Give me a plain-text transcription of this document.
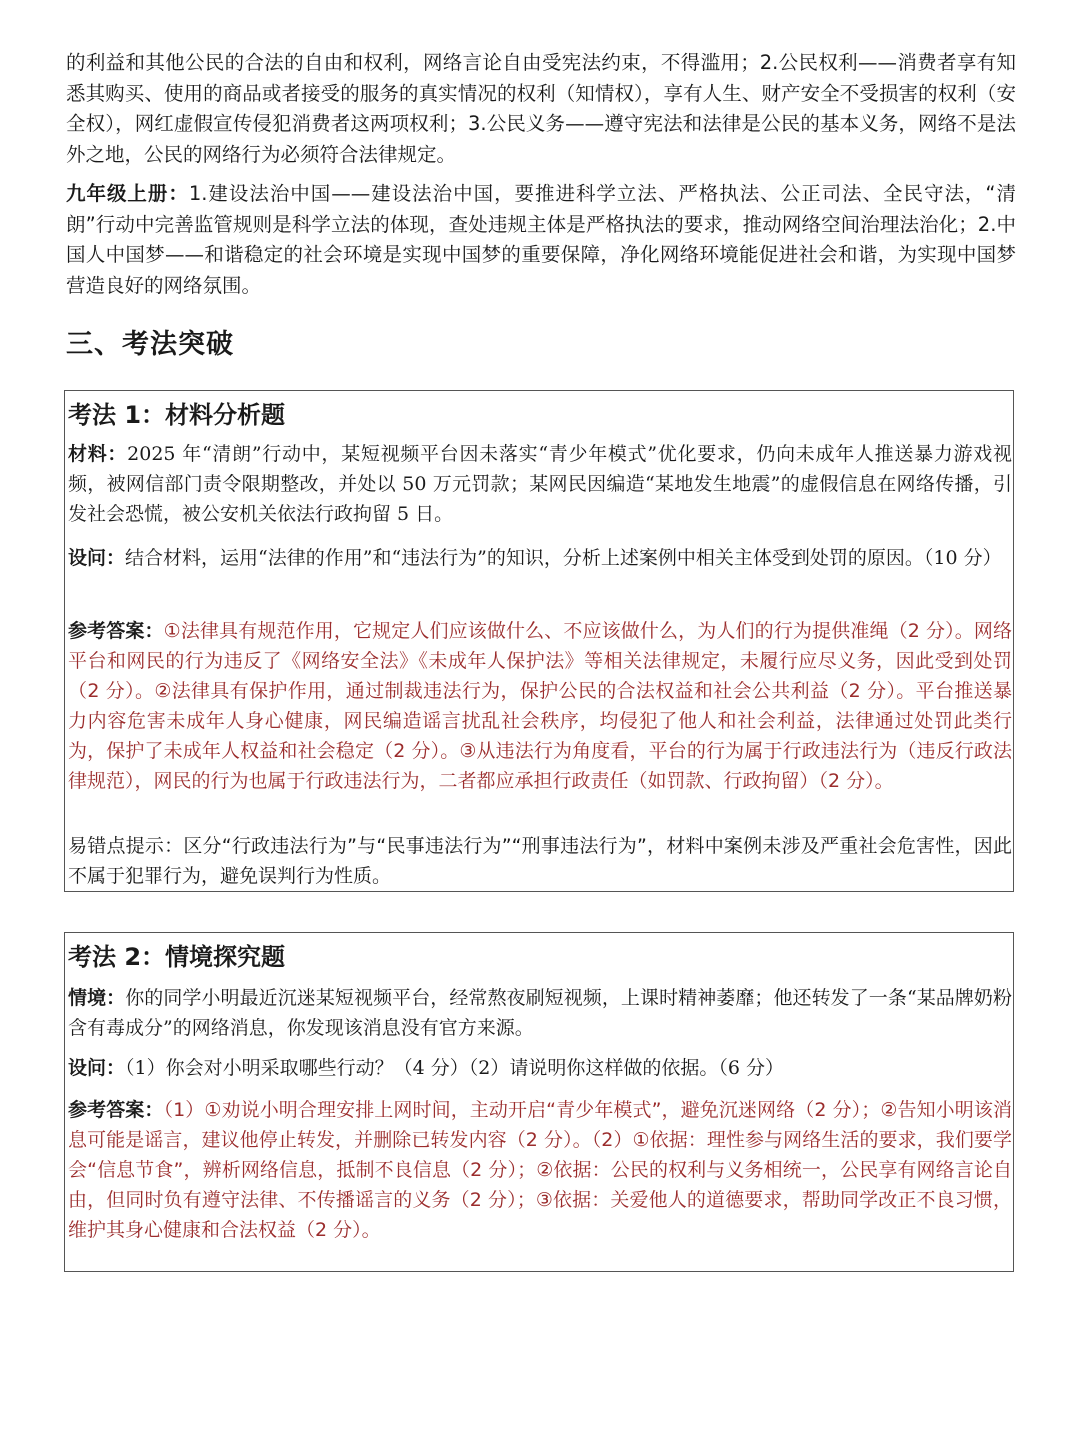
的利益和其他公民的合法的自由和权利，网络言论自由受宪法约束，不得滥用；2.公民权利——消费者享有知悉其购买、使用的商品或者接受的服务的真实情况的权利（知情权），享有人生、财产安全不受损害的权利（安全权），网红虚假宣传侵犯消费者这两项权利；3.公民义务——遵守宪法和法律是公民的基本义务，网络不是法外之地，公民的网络行为必须符合法律规定。

九年级上册：1.建设法治中国——建设法治中国，要推进科学立法、严格执法、公正司法、全民守法，“清朗”行动中完善监管规则是科学立法的体现，查处违规主体是严格执法的要求，推动网络空间治理法治化；2.中国人中国梦——和谐稳定的社会环境是实现中国梦的重要保障，净化网络环境能促进社会和谐，为实现中国梦营造良好的网络氛围。

三、考法突破
考法 1：材料分析题

材料：2025 年“清朗”行动中，某短视频平台因未落实“青少年模式”优化要求，仍向未成年人推送暴力游戏视频，被网信部门责令限期整改，并处以 50 万元罚款；某网民因编造“某地发生地震”的虚假信息在网络传播，引发社会恐慌，被公安机关依法行政拘留 5 日。

设问：结合材料，运用“法律的作用”和“违法行为”的知识，分析上述案例中相关主体受到处罚的原因。（10 分）

参考答案：①法律具有规范作用，它规定人们应该做什么、不应该做什么，为人们的行为提供准绳（2 分）。网络平台和网民的行为违反了《网络安全法》《未成年人保护法》等相关法律规定，未履行应尽义务，因此受到处罚（2 分）。②法律具有保护作用，通过制裁违法行为，保护公民的合法权益和社会公共利益（2 分）。平台推送暴力内容危害未成年人身心健康，网民编造谣言扰乱社会秩序，均侵犯了他人和社会利益，法律通过处罚此类行为，保护了未成年人权益和社会稳定（2 分）。③从违法行为角度看，平台的行为属于行政违法行为（违反行政法律规范），网民的行为也属于行政违法行为，二者都应承担行政责任（如罚款、行政拘留）（2 分）。

易错点提示：区分“行政违法行为”与“民事违法行为”“刑事违法行为”，材料中案例未涉及严重社会危害性，因此不属于犯罪行为，避免误判行为性质。

考法 2：情境探究题

情境：你的同学小明最近沉迷某短视频平台，经常熬夜刷短视频，上课时精神萎靡；他还转发了一条“某品牌奶粉含有毒成分”的网络消息，你发现该消息没有官方来源。

设问：（1）你会对小明采取哪些行动？（4 分）（2）请说明你这样做的依据。（6 分）

参考答案：（1）①劝说小明合理安排上网时间，主动开启“青少年模式”，避免沉迷网络（2 分）；②告知小明该消息可能是谣言，建议他停止转发，并删除已转发内容（2 分）。（2）①依据：理性参与网络生活的要求，我们要学会“信息节食”，辨析网络信息，抵制不良信息（2 分）；②依据：公民的权利与义务相统一，公民享有网络言论自由，但同时负有遵守法律、不传播谣言的义务（2 分）；③依据：关爱他人的道德要求，帮助同学改正不良习惯，维护其身心健康和合法权益（2 分）。
